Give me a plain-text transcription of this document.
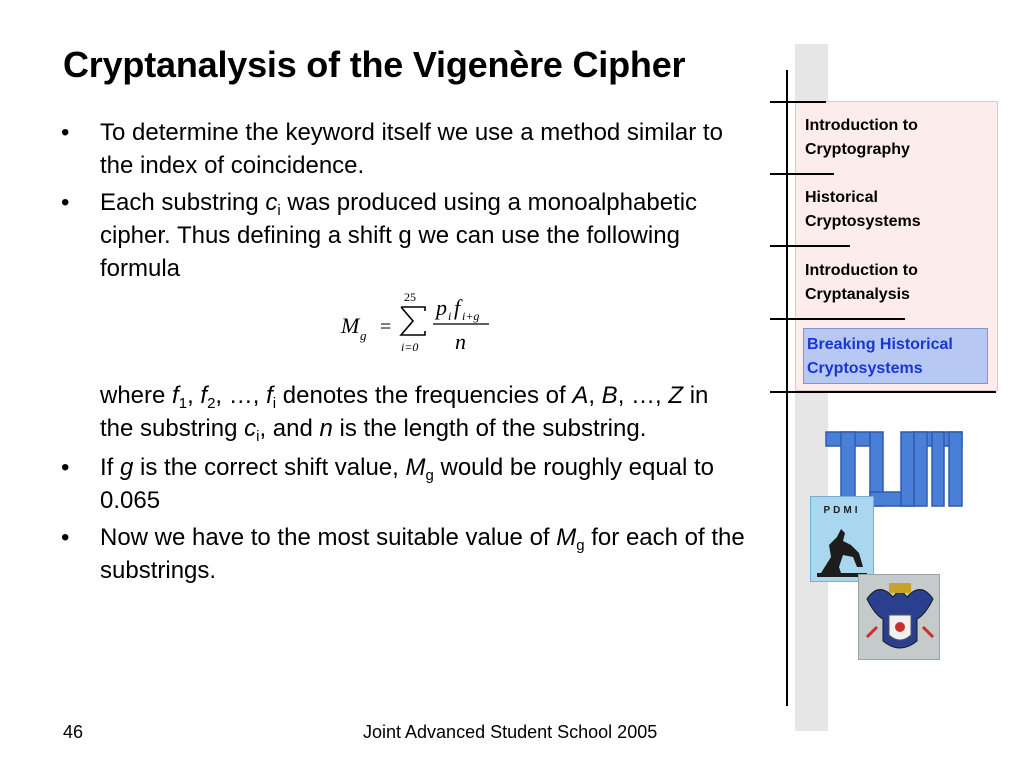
Cryptanalysis of the Vigenère Cipher
Introduction to
Cryptography
Historical
Cryptosystems
Introduction to
Cryptanalysis
Breaking Historical
Cryptosystems
PDMI
• To determine the keyword itself we use a method similar to the index of coincidence.
• Each substring $c_i$ was produced using a monoalphabetic cipher. Thus defining a shift g we can use the following formula
M g =
25
i=0
p i f i+g
n
where $f_1$, $f_2$, …, $f_i$ denotes the frequencies of A, B, …, Z in the substring $c_i$, and n is the length of the substring.
• If g is the correct shift value, $M_g$ would be roughly equal to 0.065
• Now we have to the most suitable value of $M_g$ for each of the substrings.
46	Joint Advanced Student School 2005
